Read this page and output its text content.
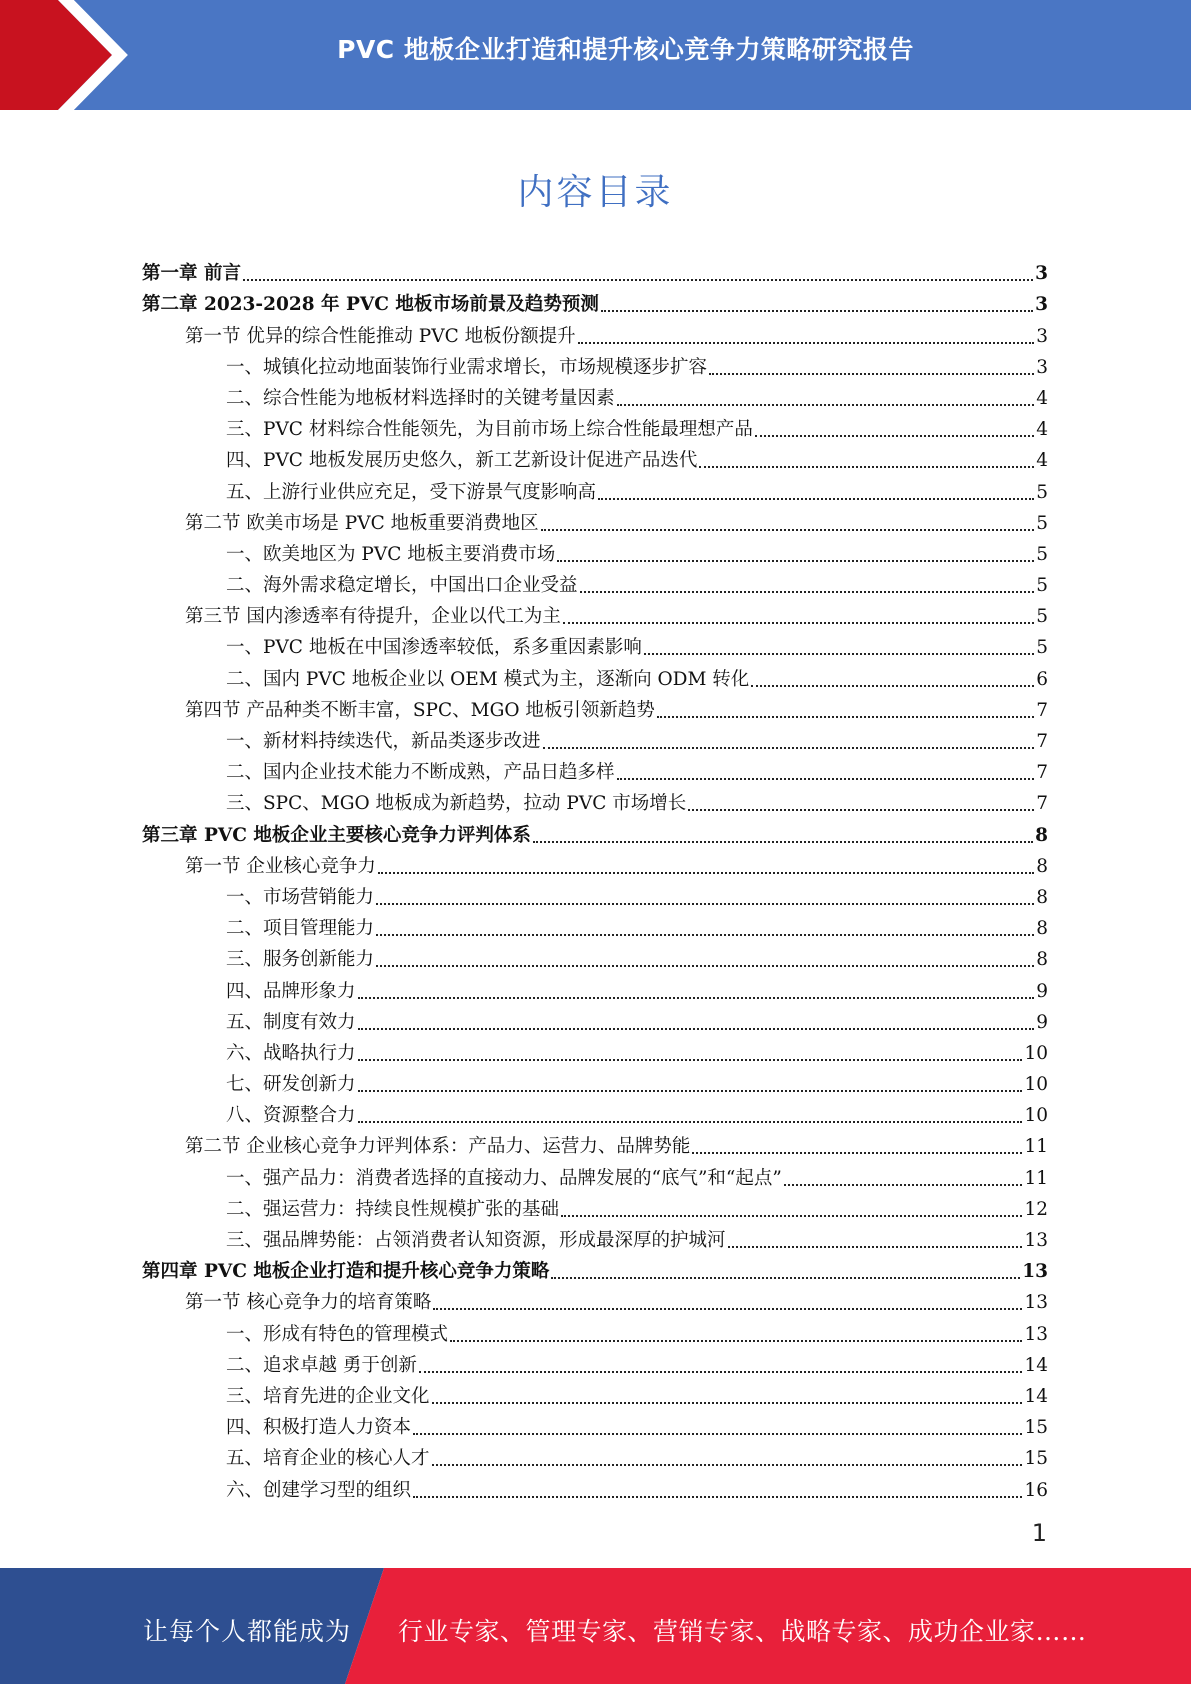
PVC 地板企业打造和提升核心竞争力策略研究报告
内容目录
第一章 前言	3
第二章 2023-2028 年 PVC 地板市场前景及趋势预测	3
第一节 优异的综合性能推动 PVC 地板份额提升	3
一、城镇化拉动地面装饰行业需求增长，市场规模逐步扩容	3
二、综合性能为地板材料选择时的关键考量因素	4
三、PVC 材料综合性能领先，为目前市场上综合性能最理想产品	4
四、PVC 地板发展历史悠久，新工艺新设计促进产品迭代	4
五、上游行业供应充足，受下游景气度影响高	5
第二节 欧美市场是 PVC 地板重要消费地区	5
一、欧美地区为 PVC 地板主要消费市场	5
二、海外需求稳定增长，中国出口企业受益	5
第三节 国内渗透率有待提升，企业以代工为主	5
一、PVC 地板在中国渗透率较低，系多重因素影响	5
二、国内 PVC 地板企业以 OEM 模式为主，逐渐向 ODM 转化	6
第四节 产品种类不断丰富，SPC、MGO 地板引领新趋势	7
一、新材料持续迭代，新品类逐步改进	7
二、国内企业技术能力不断成熟，产品日趋多样	7
三、SPC、MGO 地板成为新趋势，拉动 PVC 市场增长	7
第三章 PVC 地板企业主要核心竞争力评判体系	8
第一节 企业核心竞争力	8
一、市场营销能力	8
二、项目管理能力	8
三、服务创新能力	8
四、品牌形象力	9
五、制度有效力	9
六、战略执行力	10
七、研发创新力	10
八、资源整合力	10
第二节 企业核心竞争力评判体系：产品力、运营力、品牌势能	11
一、强产品力：消费者选择的直接动力、品牌发展的“底气”和“起点”	11
二、强运营力：持续良性规模扩张的基础	12
三、强品牌势能：占领消费者认知资源，形成最深厚的护城河	13
第四章 PVC 地板企业打造和提升核心竞争力策略	13
第一节 核心竞争力的培育策略	13
一、形成有特色的管理模式	13
二、追求卓越 勇于创新	14
三、培育先进的企业文化	14
四、积极打造人力资本	15
五、培育企业的核心人才	15
六、创建学习型的组织	16
1
让每个人都能成为 行业专家、管理专家、营销专家、战略专家、成功企业家……
